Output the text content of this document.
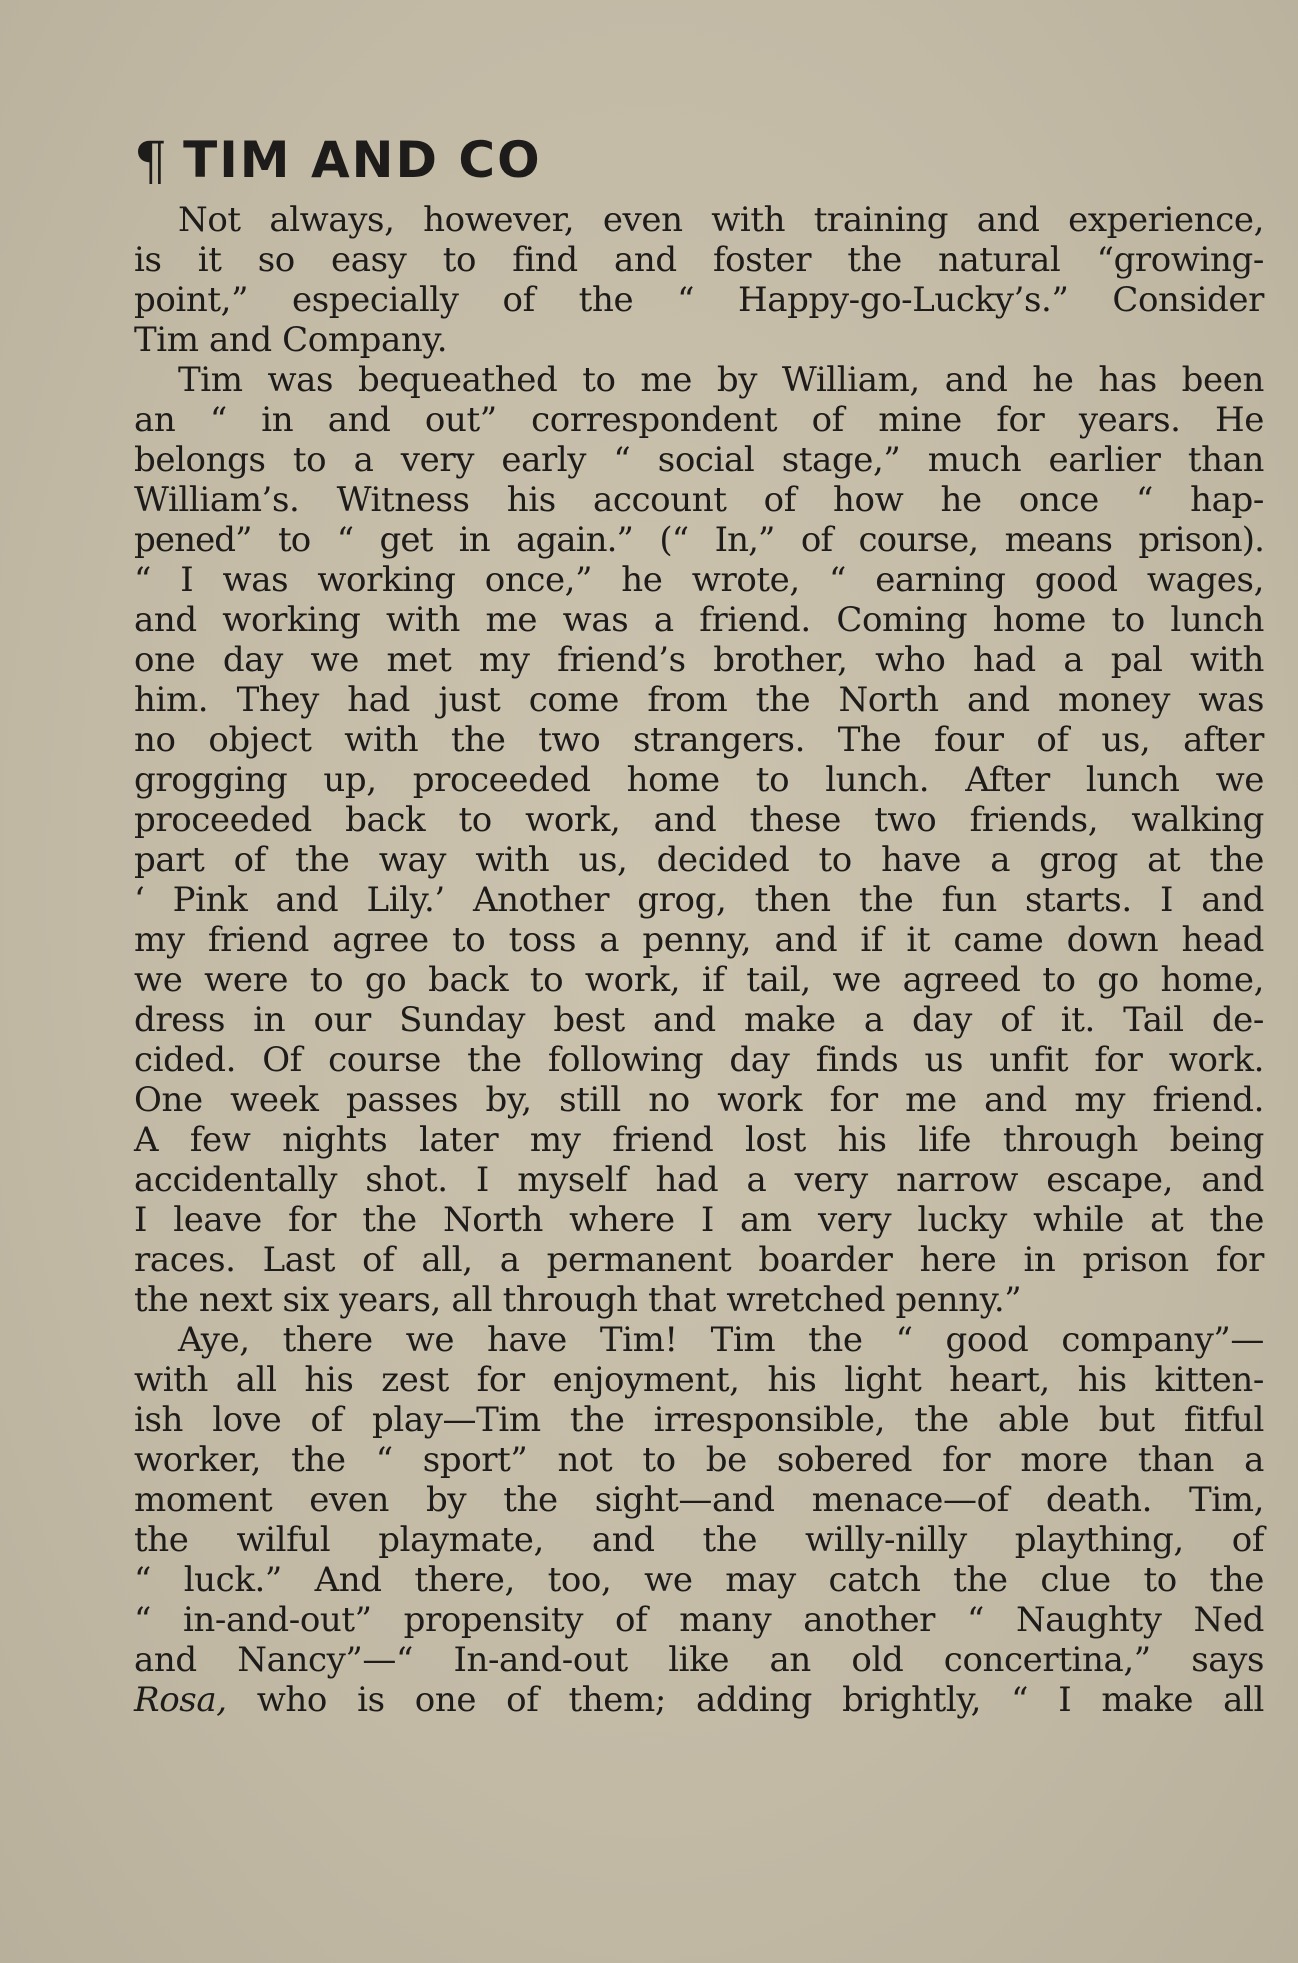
¶ TIM AND CO
Not always, however, even with training and experience,
is it so easy to find and foster the natural “growing-
point,” especially of the “ Happy-go-Lucky’s.” Consider
Tim and Company.
Tim was bequeathed to me by William, and he has been
an “ in and out” correspondent of mine for years. He
belongs to a very early “ social stage,” much earlier than
William’s. Witness his account of how he once “ hap-
pened” to “ get in again.” (“ In,” of course, means prison).
“ I was working once,” he wrote, “ earning good wages,
and working with me was a friend. Coming home to lunch
one day we met my friend’s brother, who had a pal with
him. They had just come from the North and money was
no object with the two strangers. The four of us, after
grogging up, proceeded home to lunch. After lunch we
proceeded back to work, and these two friends, walking
part of the way with us, decided to have a grog at the
‘ Pink and Lily.’ Another grog, then the fun starts. I and
my friend agree to toss a penny, and if it came down head
we were to go back to work, if tail, we agreed to go home,
dress in our Sunday best and make a day of it. Tail de-
cided. Of course the following day finds us unfit for work.
One week passes by, still no work for me and my friend.
A few nights later my friend lost his life through being
accidentally shot. I myself had a very narrow escape, and
I leave for the North where I am very lucky while at the
races. Last of all, a permanent boarder here in prison for
the next six years, all through that wretched penny.”
Aye, there we have Tim! Tim the “ good company”—
with all his zest for enjoyment, his light heart, his kitten-
ish love of play—Tim the irresponsible, the able but fitful
worker, the “ sport” not to be sobered for more than a
moment even by the sight—and menace—of death. Tim,
the wilful playmate, and the willy-nilly plaything, of
“ luck.” And there, too, we may catch the clue to the
“ in-and-out” propensity of many another “ Naughty Ned
and Nancy”—“ In-and-out like an old concertina,” says
Rosa, who is one of them; adding brightly, “ I make all
